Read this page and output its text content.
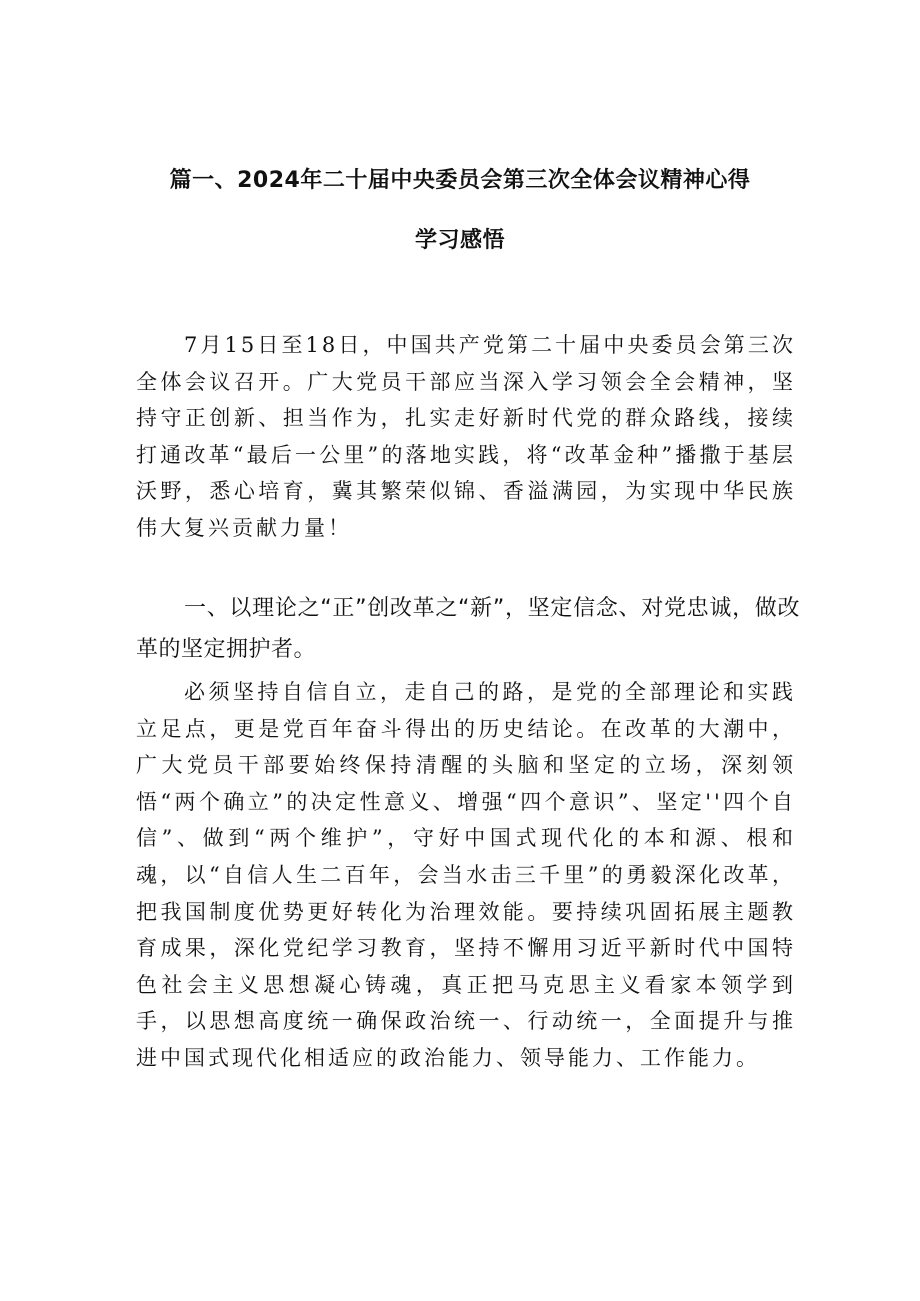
篇一、2024年二十届中央委员会第三次全体会议精神心得
学习感悟

7月15日至18日，中国共产党第二十届中央委员会第三次全体会议召开。广大党员干部应当深入学习领会全会精神，坚持守正创新、担当作为，扎实走好新时代党的群众路线，接续打通改革“最后一公里”的落地实践，将“改革金种”播撒于基层沃野，悉心培育，冀其繁荣似锦、香溢满园，为实现中华民族伟大复兴贡献力量！

一、以理论之“正”创改革之“新”，坚定信念、对党忠诚，做改革的坚定拥护者。

必须坚持自信自立，走自己的路，是党的全部理论和实践立足点，更是党百年奋斗得出的历史结论。在改革的大潮中，广大党员干部要始终保持清醒的头脑和坚定的立场，深刻领悟“两个确立”的决定性意义、增强“四个意识”、坚定''四个自信”、做到“两个维护”，守好中国式现代化的本和源、根和魂，以“自信人生二百年，会当水击三千里”的勇毅深化改革，把我国制度优势更好转化为治理效能。要持续巩固拓展主题教育成果，深化党纪学习教育，坚持不懈用习近平新时代中国特色社会主义思想凝心铸魂，真正把马克思主义看家本领学到手，以思想高度统一确保政治统一、行动统一，全面提升与推进中国式现代化相适应的政治能力、领导能力、工作能力。
